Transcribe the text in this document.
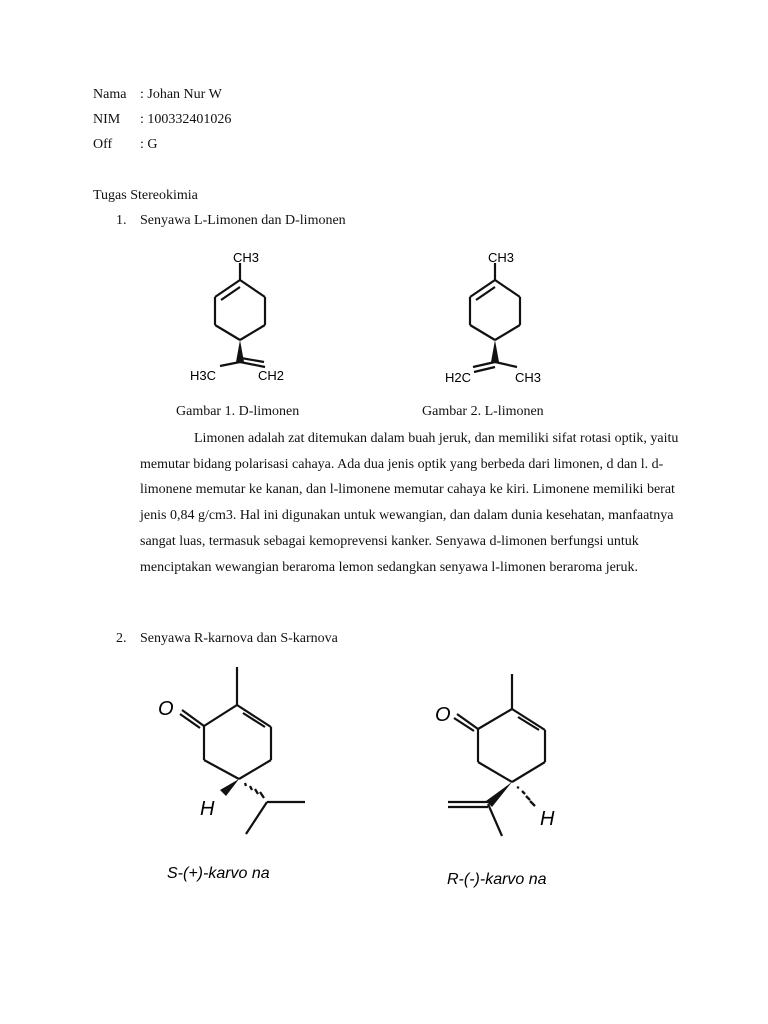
Nama : Johan Nur W
NIM : 100332401026
Off : G
Tugas Stereokimia
1. Senyawa L-Limonen dan D-limonen
CH3
H3C	CH2
CH3
H2C	CH3
Gambar 1. D-limonen	Gambar 2. L-limonen
Limonen adalah zat ditemukan dalam buah jeruk, dan memiliki sifat rotasi optik, yaitu memutar bidang polarisasi cahaya. Ada dua jenis optik yang berbeda dari limonen, d dan l. d-limonene memutar ke kanan, dan l-limonene memutar cahaya ke kiri. Limonene memiliki berat jenis 0,84 g/cm3. Hal ini digunakan untuk wewangian, dan dalam dunia kesehatan, manfaatnya sangat luas, termasuk sebagai kemoprevensi kanker. Senyawa d-limonen berfungsi untuk menciptakan wewangian beraroma lemon sedangkan senyawa l-limonen beraroma jeruk.
2. Senyawa R-karnova dan S-karnova
O
H
S-(+)-karvo na
O
H
R-(-)-karvo na
